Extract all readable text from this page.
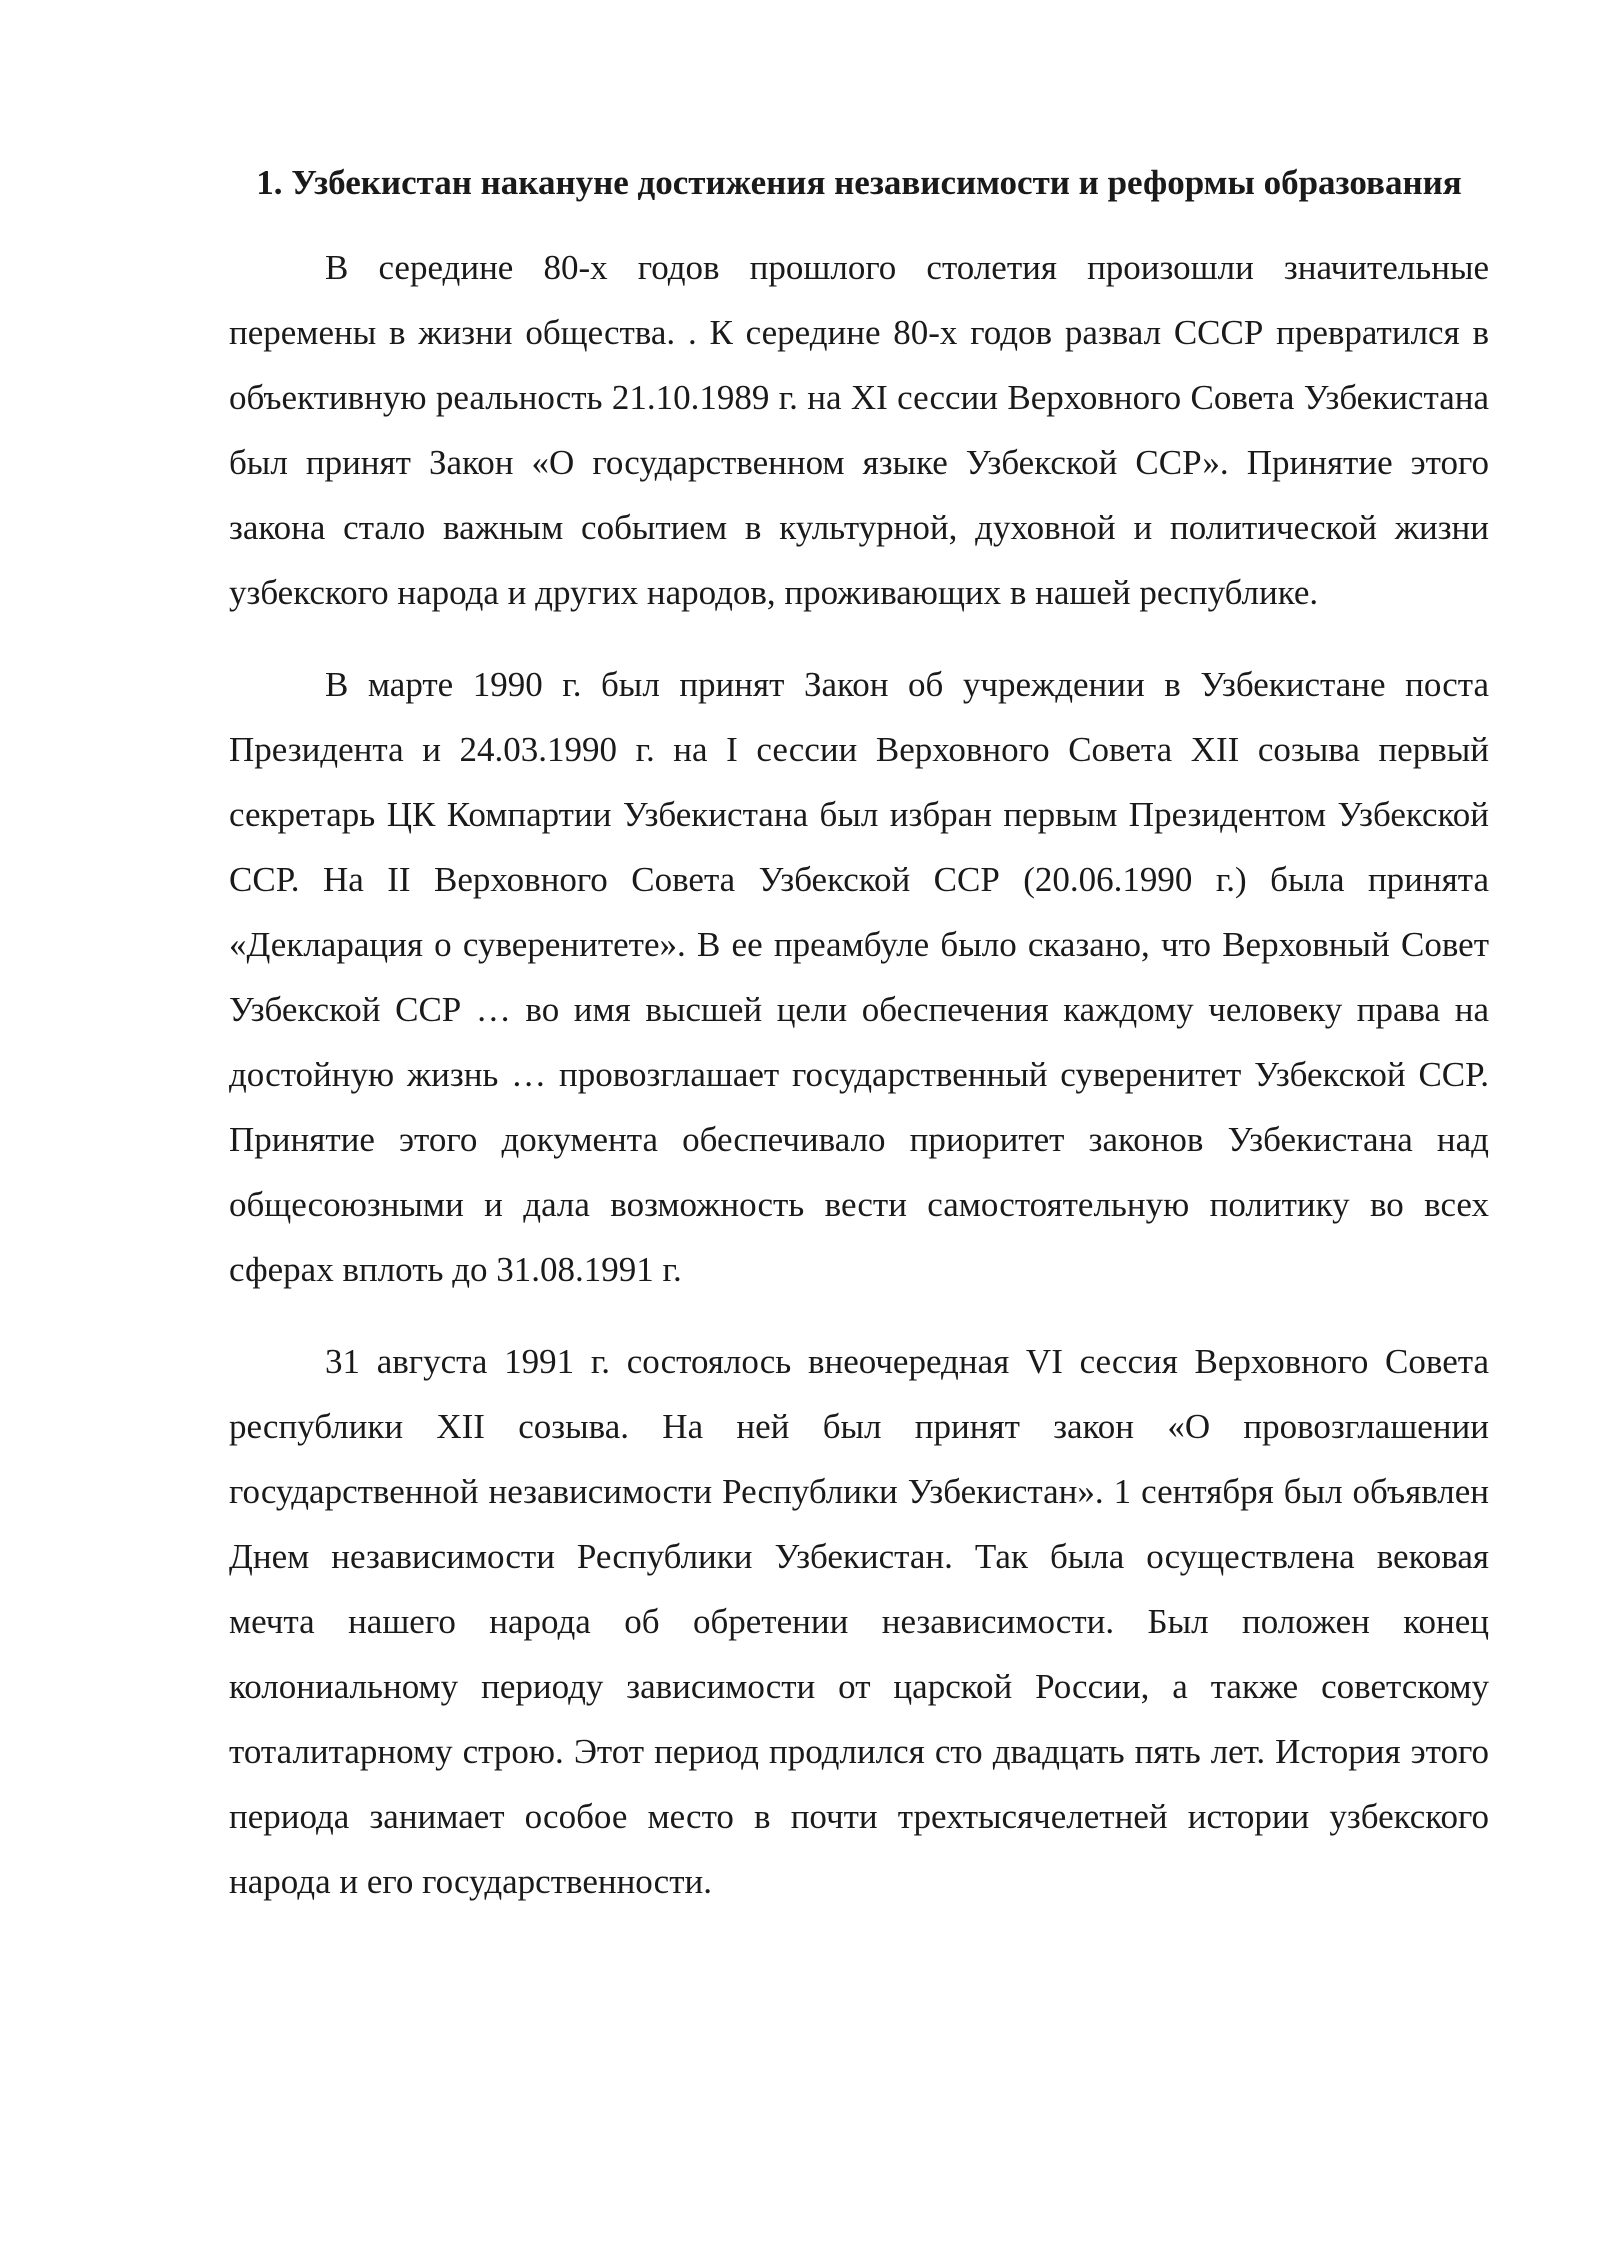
1. Узбекистан накануне достижения независимости и реформы образования

В середине 80-х годов прошлого столетия произошли значительные перемены в жизни общества. . К середине 80-х годов развал СССР превратился в объективную реальность 21.10.1989 г. на XI сессии Верховного Совета Узбекистана был принят Закон «О государственном языке Узбекской ССР». Принятие этого закона стало важным событием в культурной, духовной и политической жизни узбекского народа и других народов, проживающих в нашей республике.

В марте 1990 г. был принят Закон об учреждении в Узбекистане поста Президента и 24.03.1990 г. на I сессии Верховного Совета XII созыва первый секретарь ЦК Компартии Узбекистана был избран первым Президентом Узбекской ССР. На II Верховного Совета Узбекской ССР (20.06.1990 г.) была принята «Декларация о суверенитете». В ее преамбуле было сказано, что Верховный Совет Узбекской ССР … во имя высшей цели обеспечения каждому человеку права на достойную жизнь … провозглашает государственный суверенитет Узбекской ССР. Принятие этого документа обеспечивало приоритет законов Узбекистана над общесоюзными и дала возможность вести самостоятельную политику во всех сферах вплоть до 31.08.1991 г.

31 августа 1991 г. состоялось внеочередная VI сессия Верховного Совета республики XII созыва. На ней был принят закон «О провозглашении государственной независимости Республики Узбекистан». 1 сентября был объявлен Днем независимости Республики Узбекистан. Так была осуществлена вековая мечта нашего народа об обретении независимости. Был положен конец колониальному периоду зависимости от царской России, а также советскому тоталитарному строю. Этот период продлился сто двадцать пять лет. История этого периода занимает особое место в почти трехтысячелетней истории узбекского народа и его государственности.
